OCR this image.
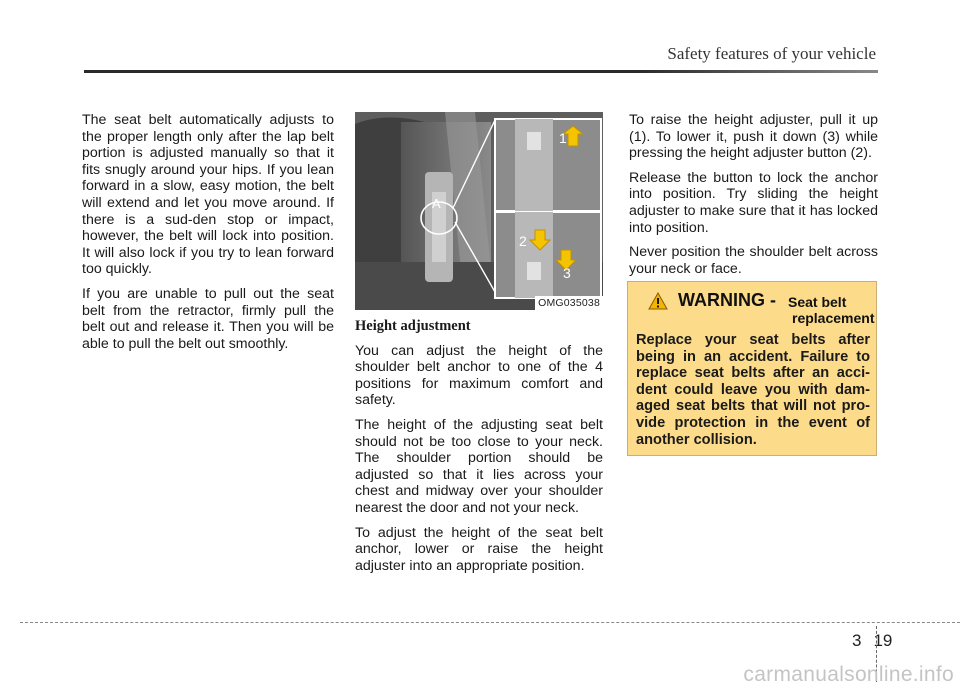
Safety features of your vehicle

The seat belt automatically adjusts to the proper length only after the lap belt portion is adjusted manually so that it fits snugly around your hips. If you lean forward in a slow, easy motion, the belt will extend and let you move around. If there is a sud-den stop or impact, however, the belt will lock into position. It will also lock if you try to lean forward too quickly.

If you are unable to pull out the seat belt from the retractor, firmly pull the belt out and release it. Then you will be able to pull the belt out smoothly.

A
1
2
3
OMG035038

Height adjustment

You can adjust the height of the shoulder belt anchor to one of the 4 positions for maximum comfort and safety.

The height of the adjusting seat belt should not be too close to your neck. The shoulder portion should be adjusted so that it lies across your chest and midway over your shoulder nearest the door and not your neck.

To adjust the height of the seat belt anchor, lower or raise the height adjuster into an appropriate position.

To raise the height adjuster, pull it up (1). To lower it, push it down (3) while pressing the height adjuster button (2).

Release the button to lock the anchor into position. Try sliding the height adjuster to make sure that it has locked into position.

Never position the shoulder belt across your neck or face.

WARNING - Seat belt
replacement
Replace your seat belts after being in an accident. Failure to replace seat belts after an acci-dent could leave you with dam-aged seat belts that will not pro-vide protection in the event of another collision.
3 19
carmanualsonline.info
